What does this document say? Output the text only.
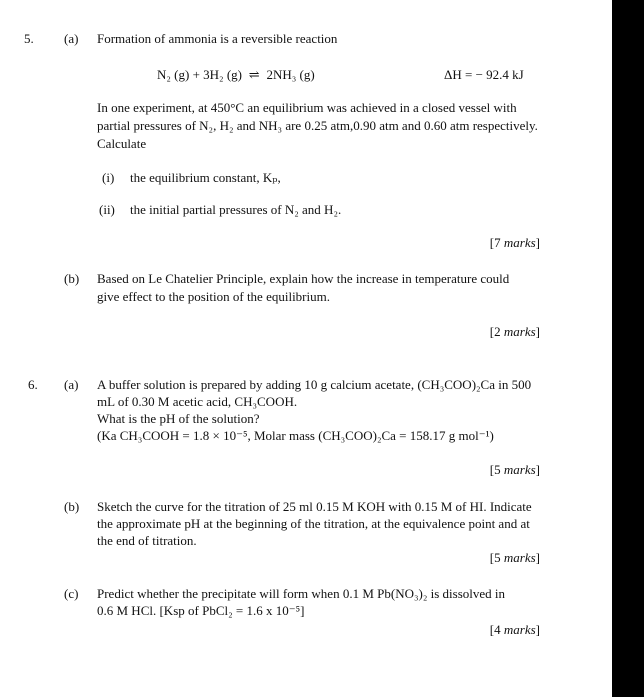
5. (a) Formation of ammonia is a reversible reaction
N₂ (g) + 3H₂ (g) ⇌ 2NH₃ (g)	ΔH = − 92.4 kJ
In one experiment, at 450°C an equilibrium was achieved in a closed vessel with
partial pressures of N₂, H₂ and NH₃ are 0.25 atm,0.90 atm and 0.60 atm respectively.
Calculate
(i) the equilibrium constant, Kₚ,
(ii) the initial partial pressures of N₂ and H₂.
[7 marks]
(b) Based on Le Chatelier Principle, explain how the increase in temperature could
give effect to the position of the equilibrium.
[2 marks]
6. (a) A buffer solution is prepared by adding 10 g calcium acetate, (CH₃COO)₂Ca in 500
mL of 0.30 M acetic acid, CH₃COOH.
What is the pH of the solution?
(Ka CH₃COOH = 1.8 × 10⁻⁵, Molar mass (CH₃COO)₂Ca = 158.17 g mol⁻¹)
[5 marks]
(b) Sketch the curve for the titration of 25 ml 0.15 M KOH with 0.15 M of HI. Indicate
the approximate pH at the beginning of the titration, at the equivalence point and at
the end of titration.
[5 marks]
(c) Predict whether the precipitate will form when 0.1 M Pb(NO₃)₂ is dissolved in
0.6 M HCl. [Ksp of PbCl₂ = 1.6 x 10⁻⁵]
[4 marks]
